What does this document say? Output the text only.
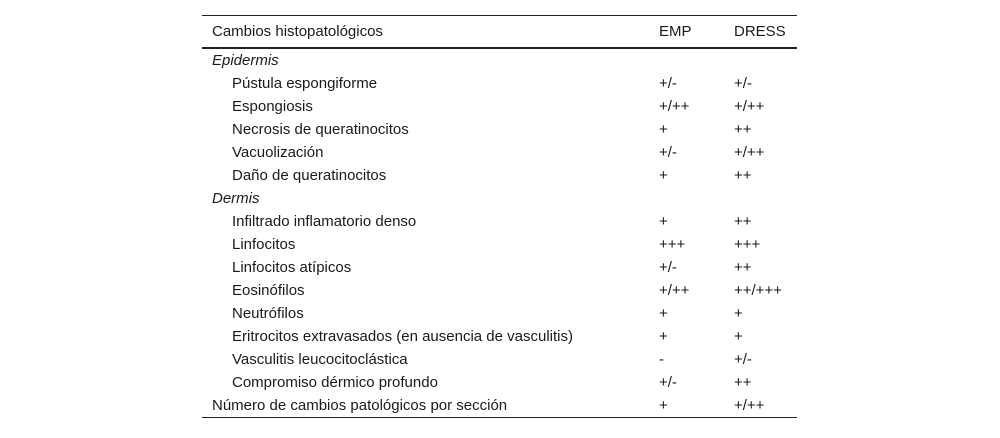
Cambios histopatológicos	EMP	DRESS
Epidermis		
Pústula espongiforme	+/-	+/-
Espongiosis	+/++	+/++
Necrosis de queratinocitos	+	++
Vacuolización	+/-	+/++
Daño de queratinocitos	+	++
Dermis		
Infiltrado inflamatorio denso	+	++
Linfocitos	+++	+++
Linfocitos atípicos	+/-	++
Eosinófilos	+/++	++/+++
Neutrófilos	+	+
Eritrocitos extravasados (en ausencia de vasculitis)	+	+
Vasculitis leucocitoclástica	-	+/-
Compromiso dérmico profundo	+/-	++
Número de cambios patológicos por sección	+	+/++
